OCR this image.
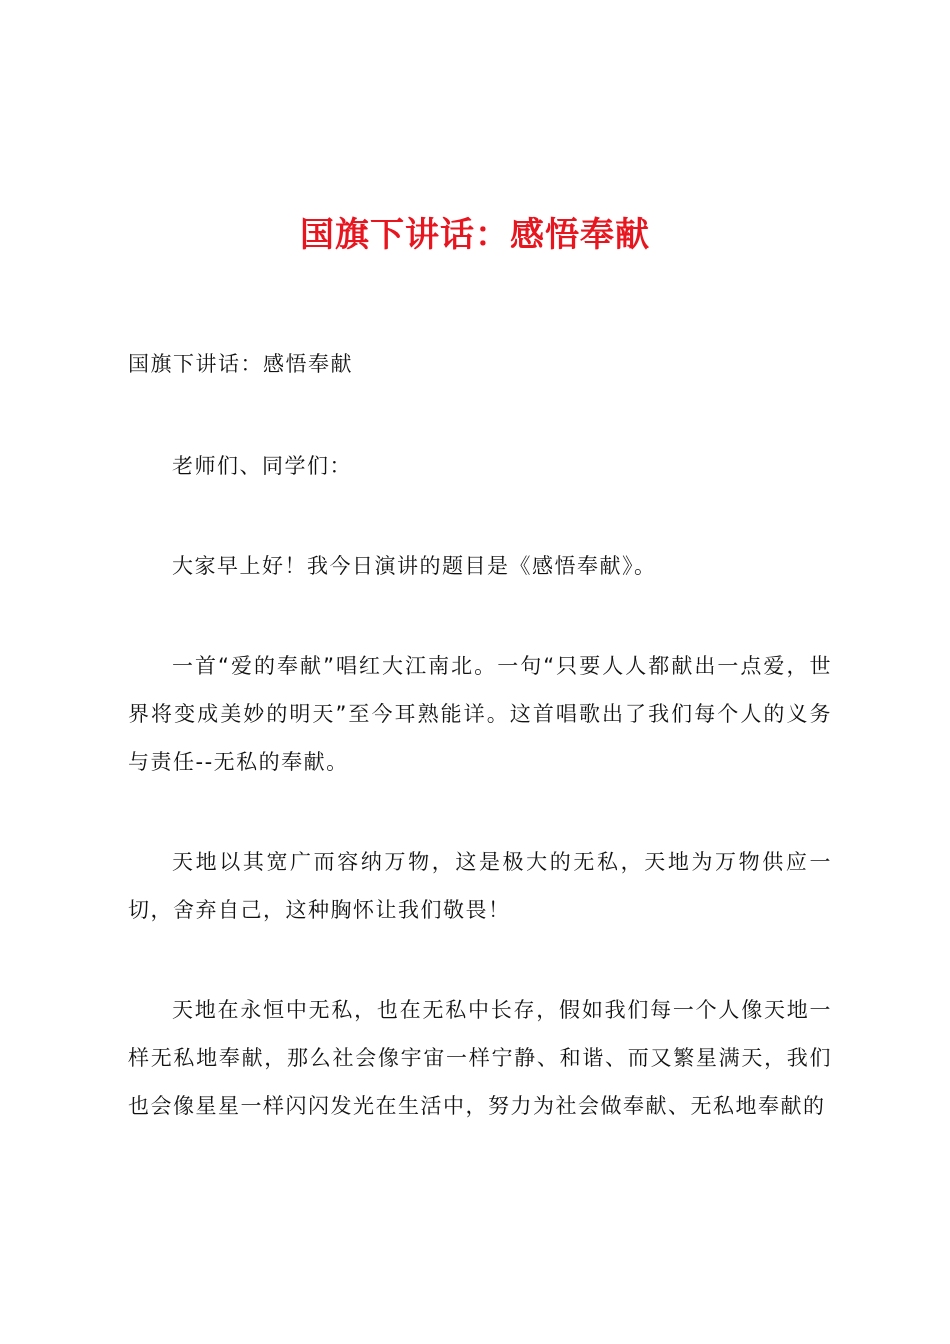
国旗下讲话：感悟奉献

国旗下讲话：感悟奉献

老师们、同学们：

大家早上好！我今日演讲的题目是《感悟奉献》。

一首“爱的奉献”唱红大江南北。一句“只要人人都献出一点爱，世界将变成美妙的明天”至今耳熟能详。这首唱歌出了我们每个人的义务与责任--无私的奉献。

天地以其宽广而容纳万物，这是极大的无私，天地为万物供应一切，舍弃自己，这种胸怀让我们敬畏！

天地在永恒中无私，也在无私中长存，假如我们每一个人像天地一样无私地奉献，那么社会像宇宙一样宁静、和谐、而又繁星满天，我们也会像星星一样闪闪发光在生活中，努力为社会做奉献、无私地奉献的
